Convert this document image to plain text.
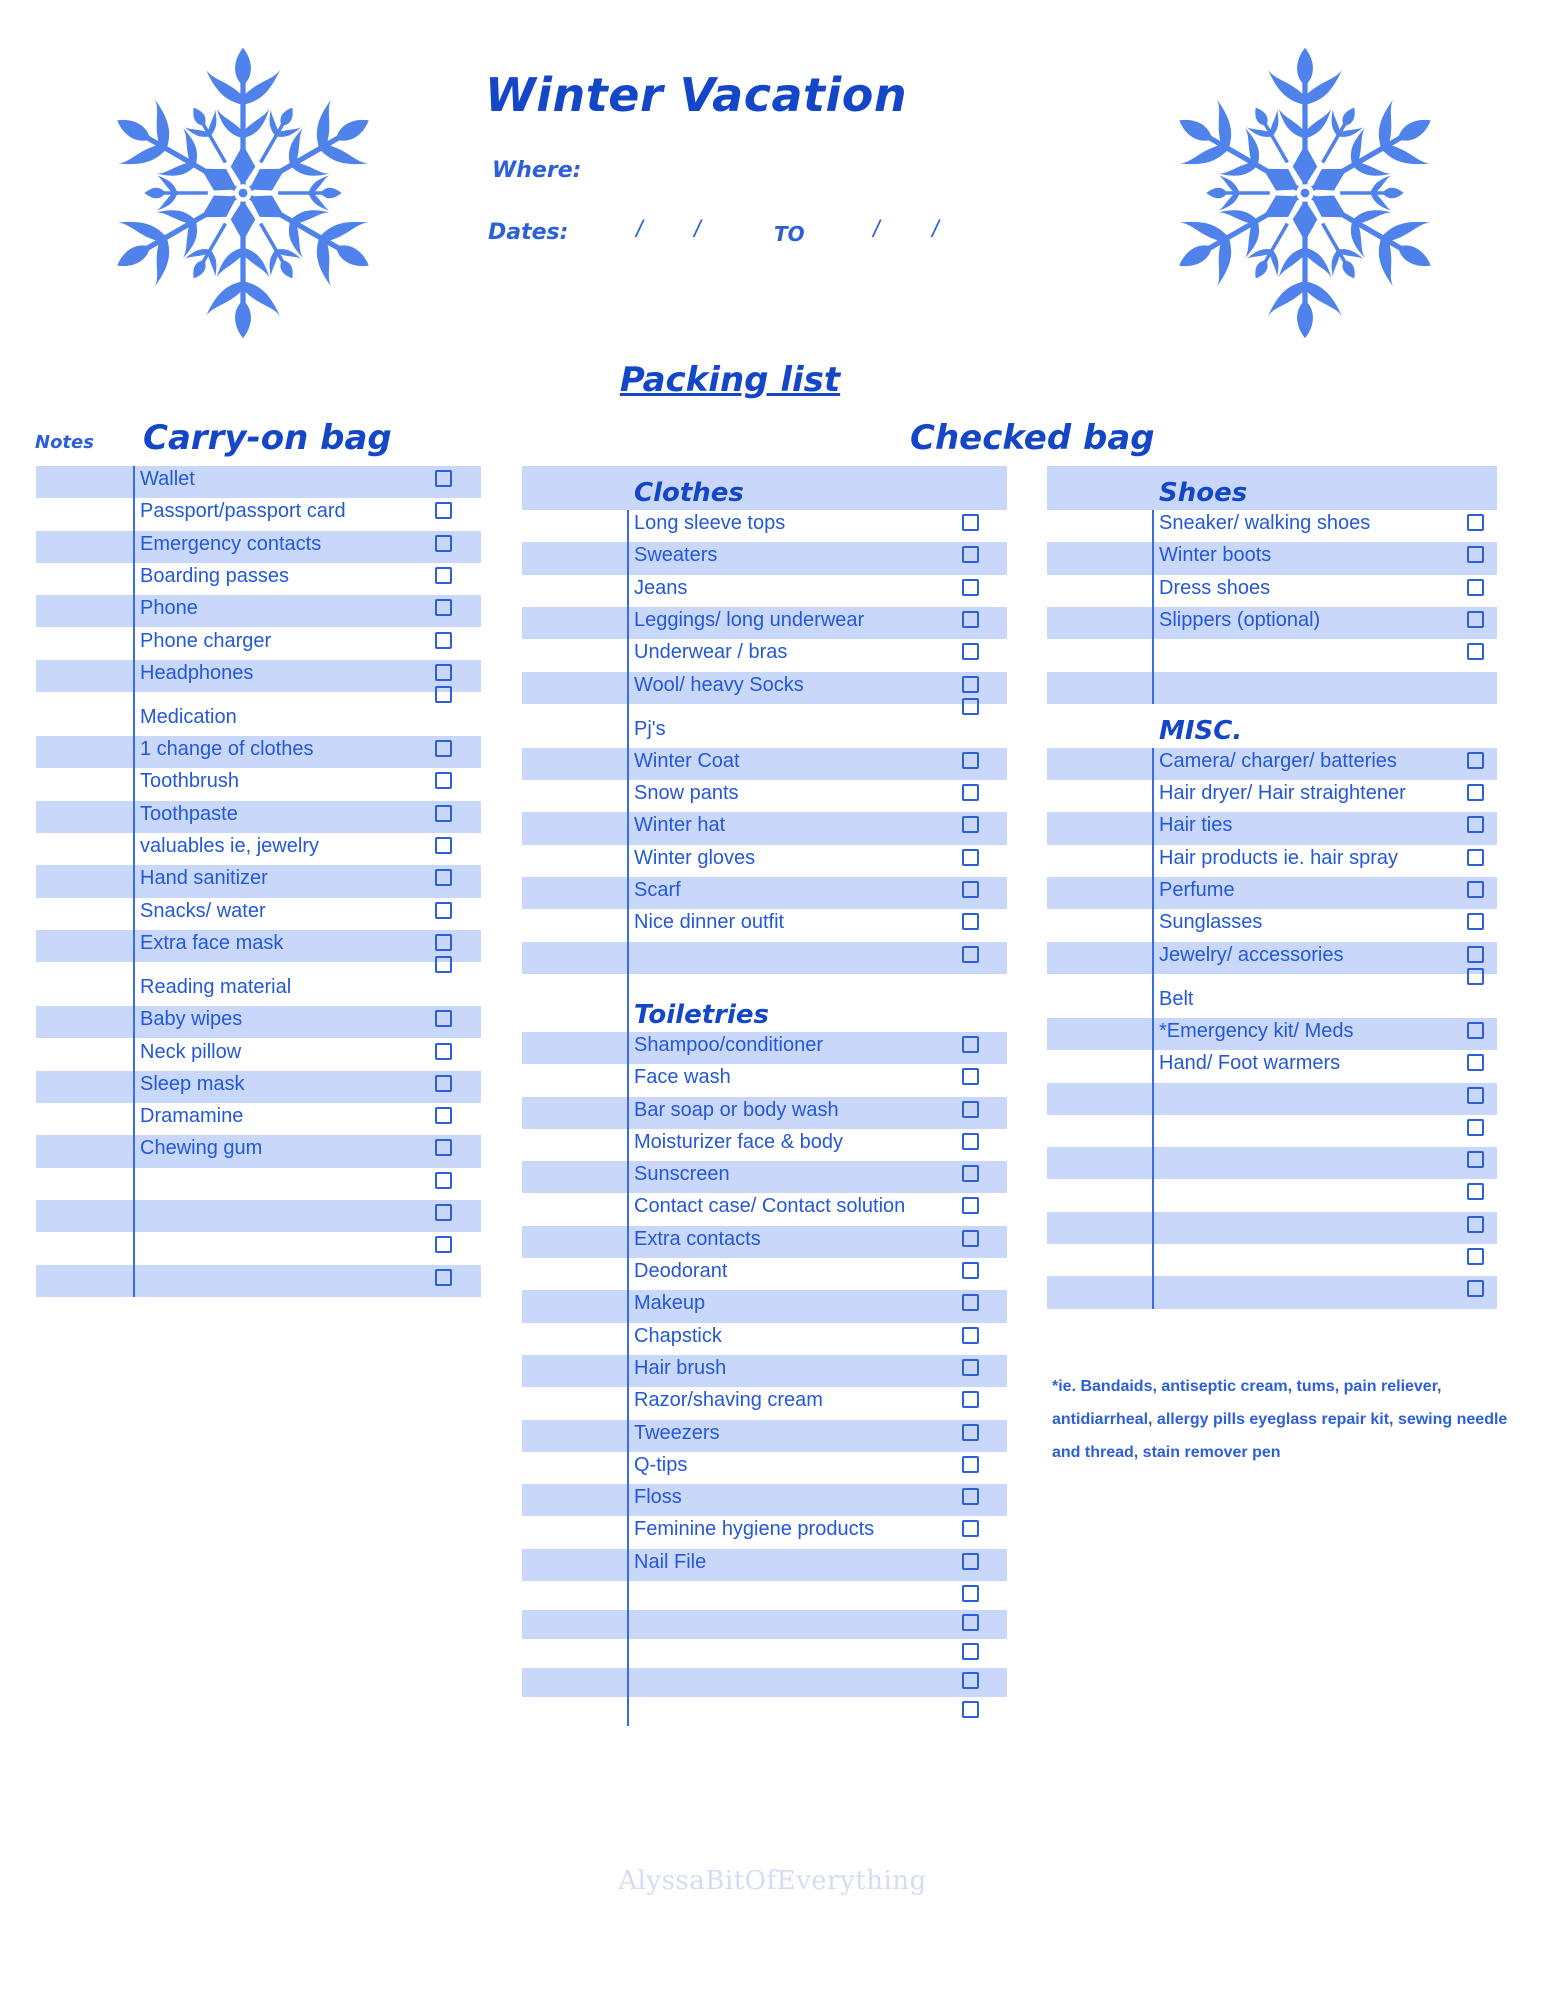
Winter Vacation
Where:
Dates:	/ /	TO	/ /
Packing list
Notes Carry-on bag	Checked bag
Wallet
Passport/passport card
Emergency contacts
Boarding passes
Phone
Phone charger
Headphones
Medication
1 change of clothes
Toothbrush
Toothpaste
valuables ie, jewelry
Hand sanitizer
Snacks/ water
Extra face mask
Reading material
Baby wipes
Neck pillow
Sleep mask
Dramamine
Chewing gum
Clothes
Long sleeve tops
Sweaters
Jeans
Leggings/ long underwear
Underwear / bras
Wool/ heavy Socks
Pj's
Winter Coat
Snow pants
Winter hat
Winter gloves
Scarf
Nice dinner outfit
Toiletries
Shampoo/conditioner
Face wash
Bar soap or body wash
Moisturizer face & body
Sunscreen
Contact case/ Contact solution
Extra contacts
Deodorant
Makeup
Chapstick
Hair brush
Razor/shaving cream
Tweezers
Q-tips
Floss
Feminine hygiene products
Nail File
Shoes
Sneaker/ walking shoes
Winter boots
Dress shoes
Slippers (optional)
MISC.
Camera/ charger/ batteries
Hair dryer/ Hair straightener
Hair ties
Hair products ie. hair spray
Perfume
Sunglasses
Jewelry/ accessories
Belt
*Emergency kit/ Meds
Hand/ Foot warmers
*ie. Bandaids, antiseptic cream, tums, pain reliever, antidiarrheal, allergy pills eyeglass repair kit, sewing needle and thread, stain remover pen
AlyssaBitOfEverything
